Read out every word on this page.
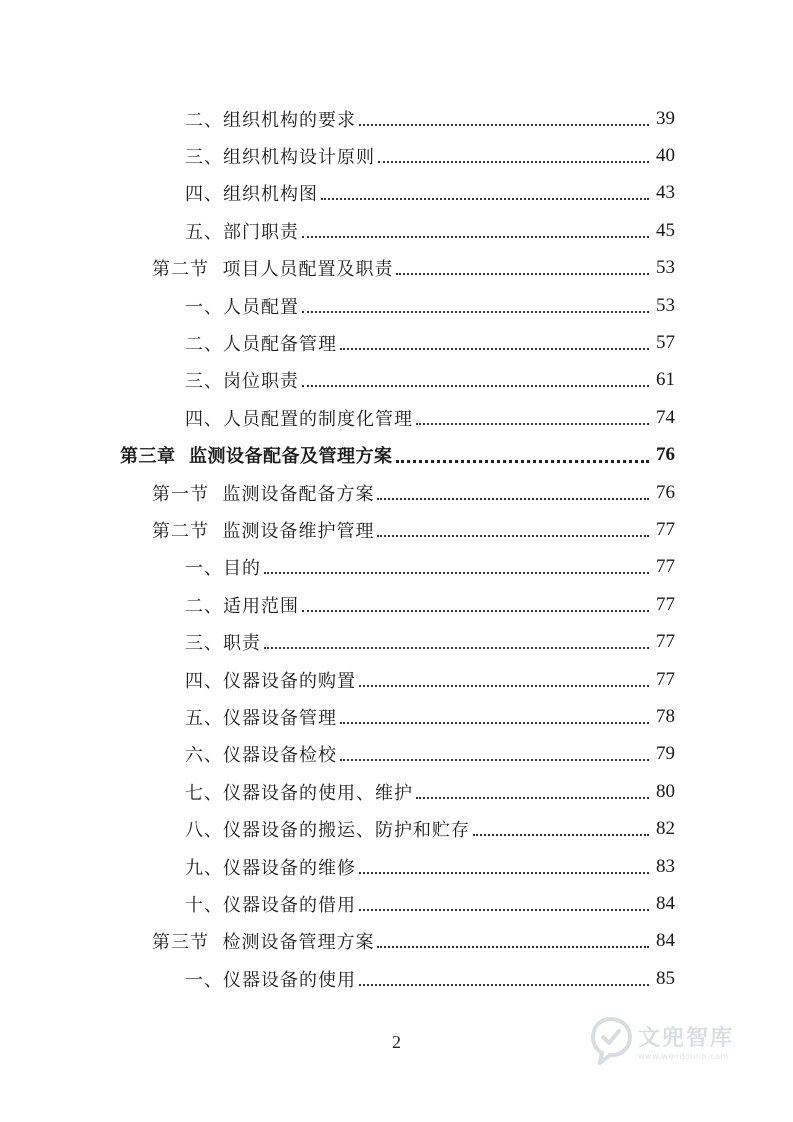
二、组织机构的要求	39
三、组织机构设计原则	40
四、组织机构图	43
五、部门职责	45
第二节  项目人员配置及职责	53
一、人员配置	53
二、人员配备管理	57
三、岗位职责	61
四、人员配置的制度化管理	74
第三章  监测设备配备及管理方案	76
第一节  监测设备配备方案	76
第二节  监测设备维护管理	77
一、目的	77
二、适用范围	77
三、职责	77
四、仪器设备的购置	77
五、仪器设备管理	78
六、仪器设备检校	79
七、仪器设备的使用、维护	80
八、仪器设备的搬运、防护和贮存	82
九、仪器设备的维修	83
十、仪器设备的借用	84
第三节  检测设备管理方案	84
一、仪器设备的使用	85
2	文兜智库
www.wendoulib.com
